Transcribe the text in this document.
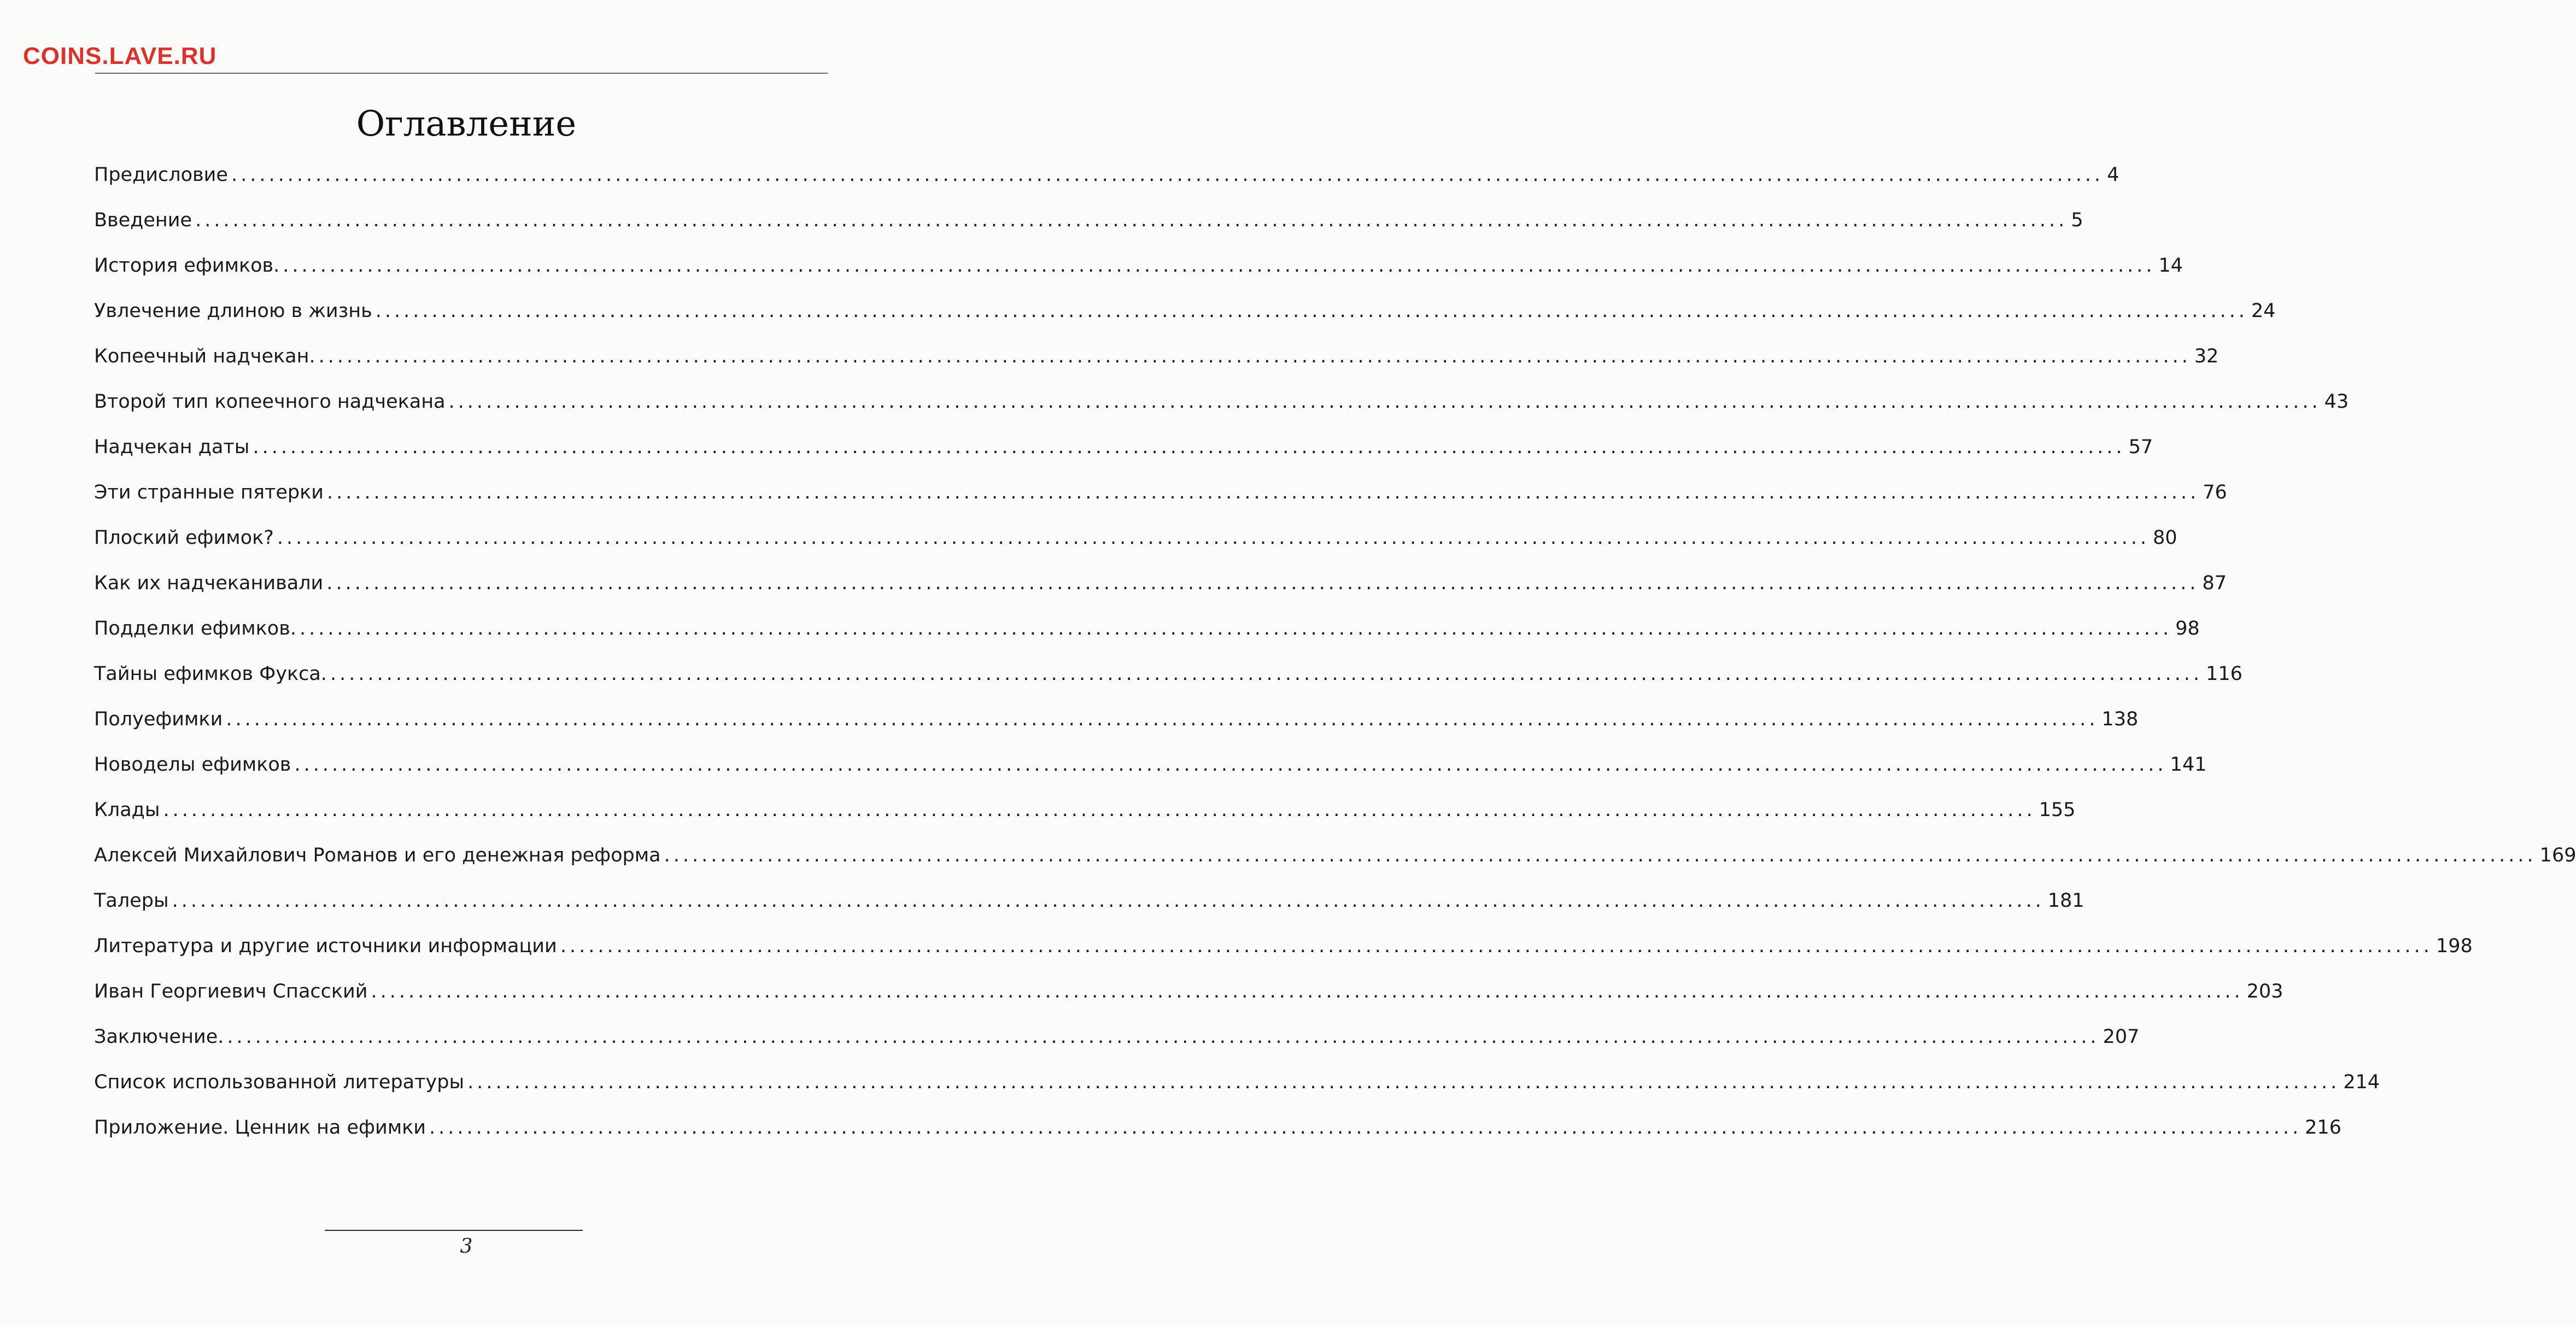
COINS.LAVE.RU
Оглавление
Предисловие ........................................................................................................................................................................................................ 4
Введение ........................................................................................................................................................................................................ 5
История ефимков. ........................................................................................................................................................................................................ 14
Увлечение длиною в жизнь ........................................................................................................................................................................................................ 24
Копеечный надчекан. ........................................................................................................................................................................................................ 32
Второй тип копеечного надчекана ........................................................................................................................................................................................................ 43
Надчекан даты ........................................................................................................................................................................................................ 57
Эти странные пятерки ........................................................................................................................................................................................................ 76
Плоский ефимок? ........................................................................................................................................................................................................ 80
Как их надчеканивали ........................................................................................................................................................................................................ 87
Подделки ефимков. ........................................................................................................................................................................................................ 98
Тайны ефимков Фукса. ........................................................................................................................................................................................................ 116
Полуефимки ........................................................................................................................................................................................................ 138
Новоделы ефимков ........................................................................................................................................................................................................ 141
Клады ........................................................................................................................................................................................................ 155
Алексей Михайлович Романов и его денежная реформа ........................................................................................................................................................................................................ 169
Талеры ........................................................................................................................................................................................................ 181
Литература и другие источники информации ........................................................................................................................................................................................................ 198
Иван Георгиевич Спасский ........................................................................................................................................................................................................ 203
Заключение. ........................................................................................................................................................................................................ 207
Список использованной литературы ........................................................................................................................................................................................................ 214
Приложение. Ценник на ефимки ........................................................................................................................................................................................................ 216
3
